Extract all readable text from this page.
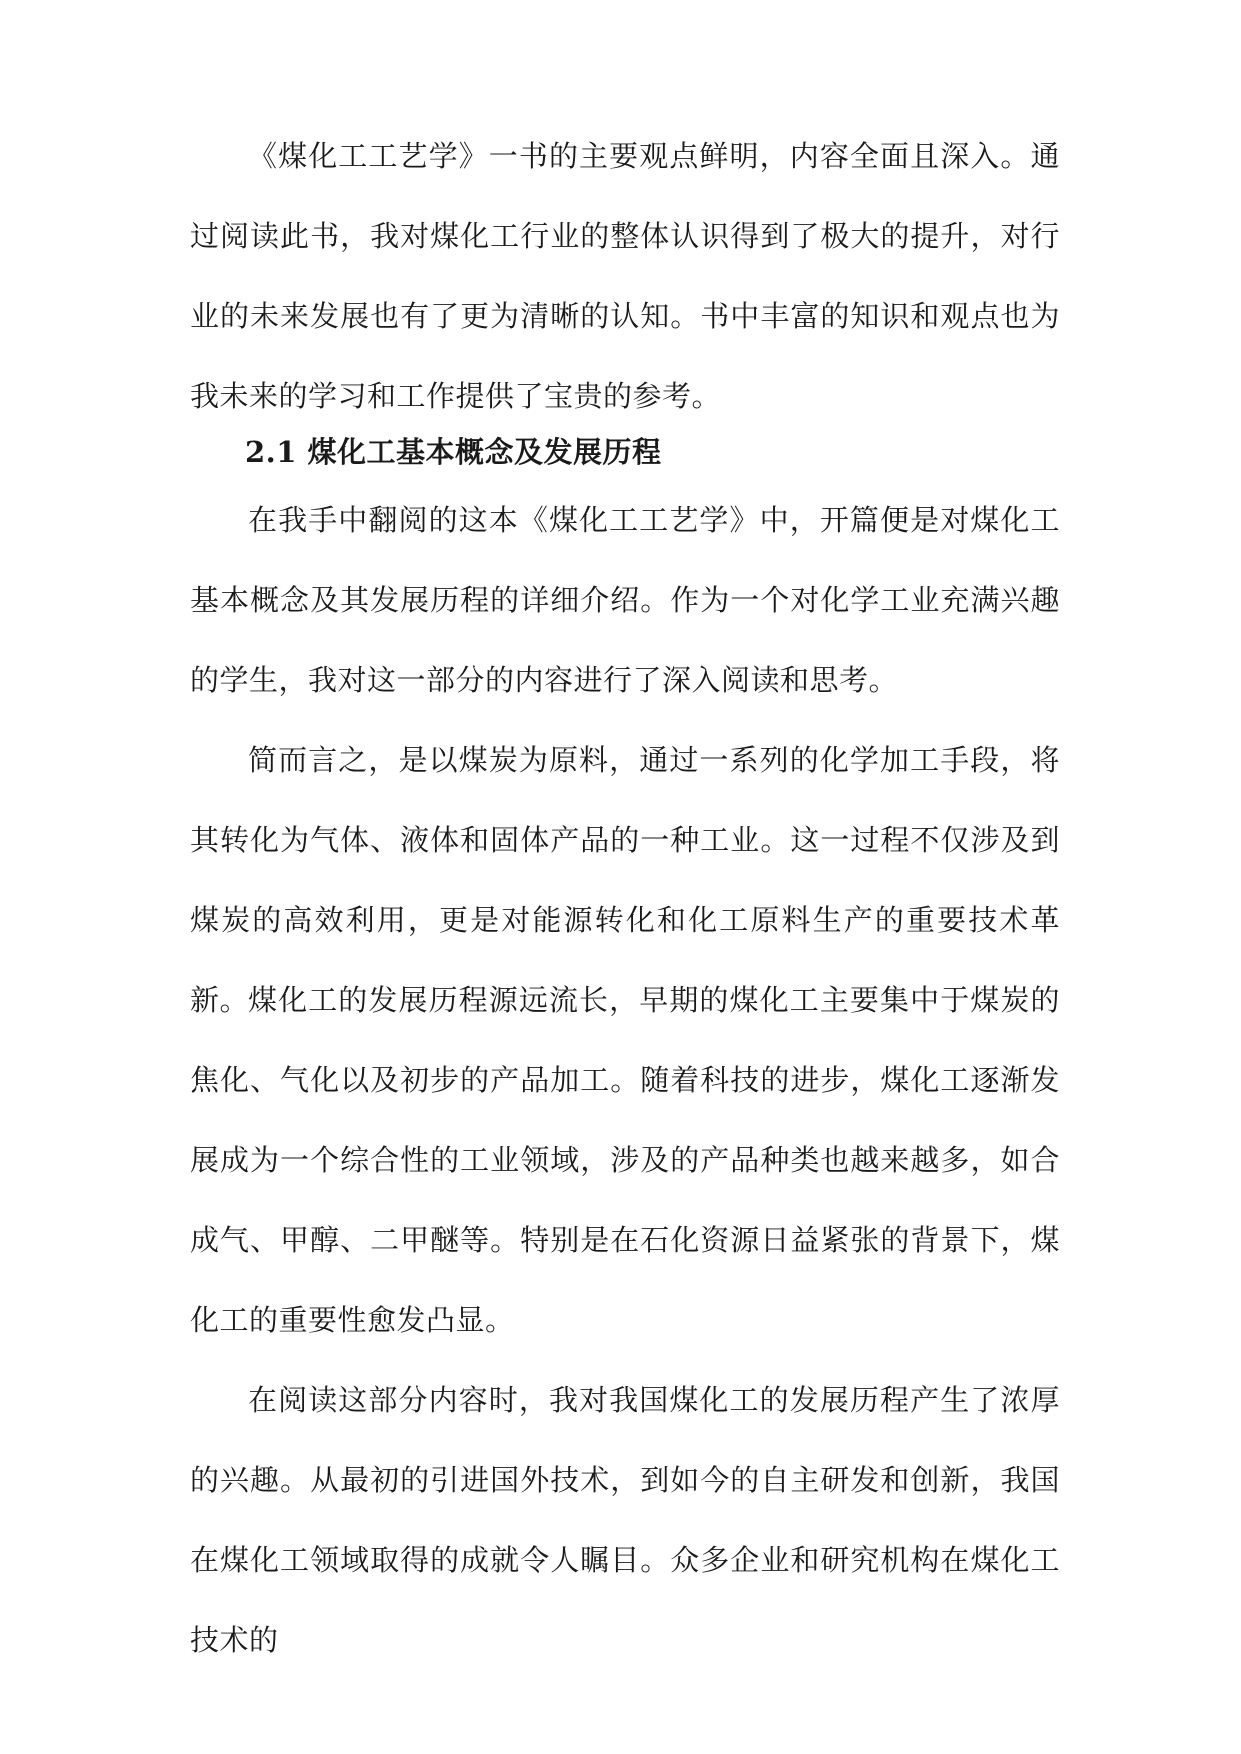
《煤化工工艺学》一书的主要观点鲜明，内容全面且深入。通过阅读此书，我对煤化工行业的整体认识得到了极大的提升，对行业的未来发展也有了更为清晰的认知。书中丰富的知识和观点也为我未来的学习和工作提供了宝贵的参考。

2.1 煤化工基本概念及发展历程

在我手中翻阅的这本《煤化工工艺学》中，开篇便是对煤化工基本概念及其发展历程的详细介绍。作为一个对化学工业充满兴趣的学生，我对这一部分的内容进行了深入阅读和思考。

简而言之，是以煤炭为原料，通过一系列的化学加工手段，将其转化为气体、液体和固体产品的一种工业。这一过程不仅涉及到煤炭的高效利用，更是对能源转化和化工原料生产的重要技术革新。

煤化工的发展历程源远流长，早期的煤化工主要集中于煤炭的焦化、气化以及初步的产品加工。随着科技的进步，煤化工逐渐发展成为一个综合性的工业领域，涉及的产品种类也越来越多，如合成气、甲醇、二甲醚等。特别是在石化资源日益紧张的背景下，煤化工的重要性愈发凸显。

在阅读这部分内容时，我对我国煤化工的发展历程产生了浓厚的兴趣。从最初的引进国外技术，到如今的自主研发和创新，我国在煤化工领域取得的成就令人瞩目。众多企业和研究机构在煤化工技术的
